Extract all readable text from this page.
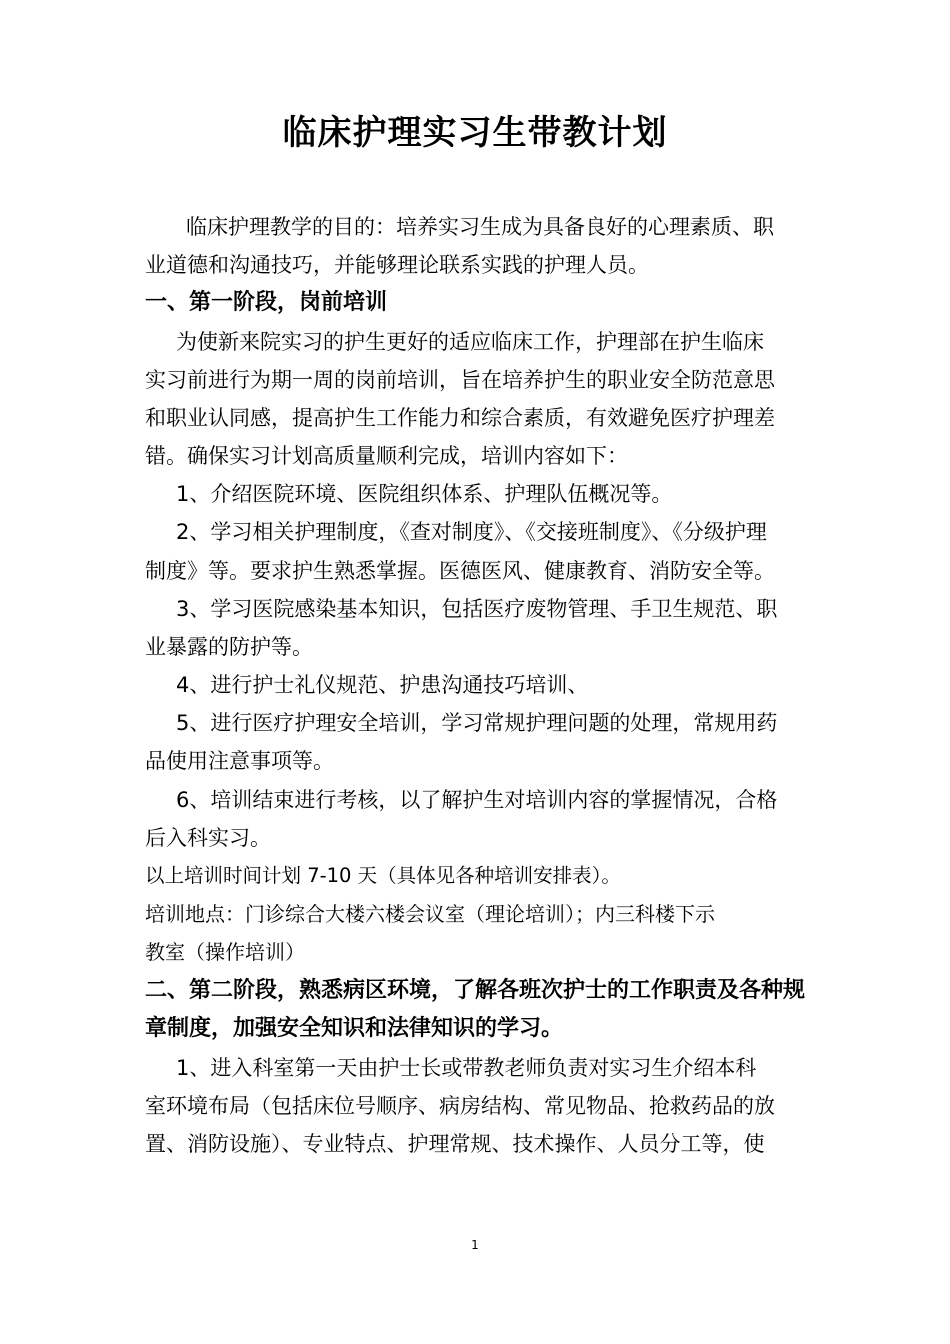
临床护理实习生带教计划
临床护理教学的目的：培养实习生成为具备良好的心理素质、职
业道德和沟通技巧，并能够理论联系实践的护理人员。
一、第一阶段，岗前培训
为使新来院实习的护生更好的适应临床工作，护理部在护生临床
实习前进行为期一周的岗前培训，旨在培养护生的职业安全防范意思
和职业认同感，提高护生工作能力和综合素质，有效避免医疗护理差
错。确保实习计划高质量顺利完成，培训内容如下：
1、介绍医院环境、医院组织体系、护理队伍概况等。
2、学习相关护理制度，《查对制度》、《交接班制度》、《分级护理
制度》等。要求护生熟悉掌握。医德医风、健康教育、消防安全等。
3、学习医院感染基本知识，包括医疗废物管理、手卫生规范、职
业暴露的防护等。
4、进行护士礼仪规范、护患沟通技巧培训、
5、进行医疗护理安全培训，学习常规护理问题的处理，常规用药
品使用注意事项等。
6、培训结束进行考核，以了解护生对培训内容的掌握情况，合格
后入科实习。
以上培训时间计划 7-10 天（具体见各种培训安排表）。
培训地点：门诊综合大楼六楼会议室（理论培训）；内三科楼下示
教室（操作培训）
二、第二阶段，熟悉病区环境，了解各班次护士的工作职责及各种规
章制度，加强安全知识和法律知识的学习。
1、进入科室第一天由护士长或带教老师负责对实习生介绍本科
室环境布局（包括床位号顺序、病房结构、常见物品、抢救药品的放
置、消防设施）、专业特点、护理常规、技术操作、人员分工等，使
1
